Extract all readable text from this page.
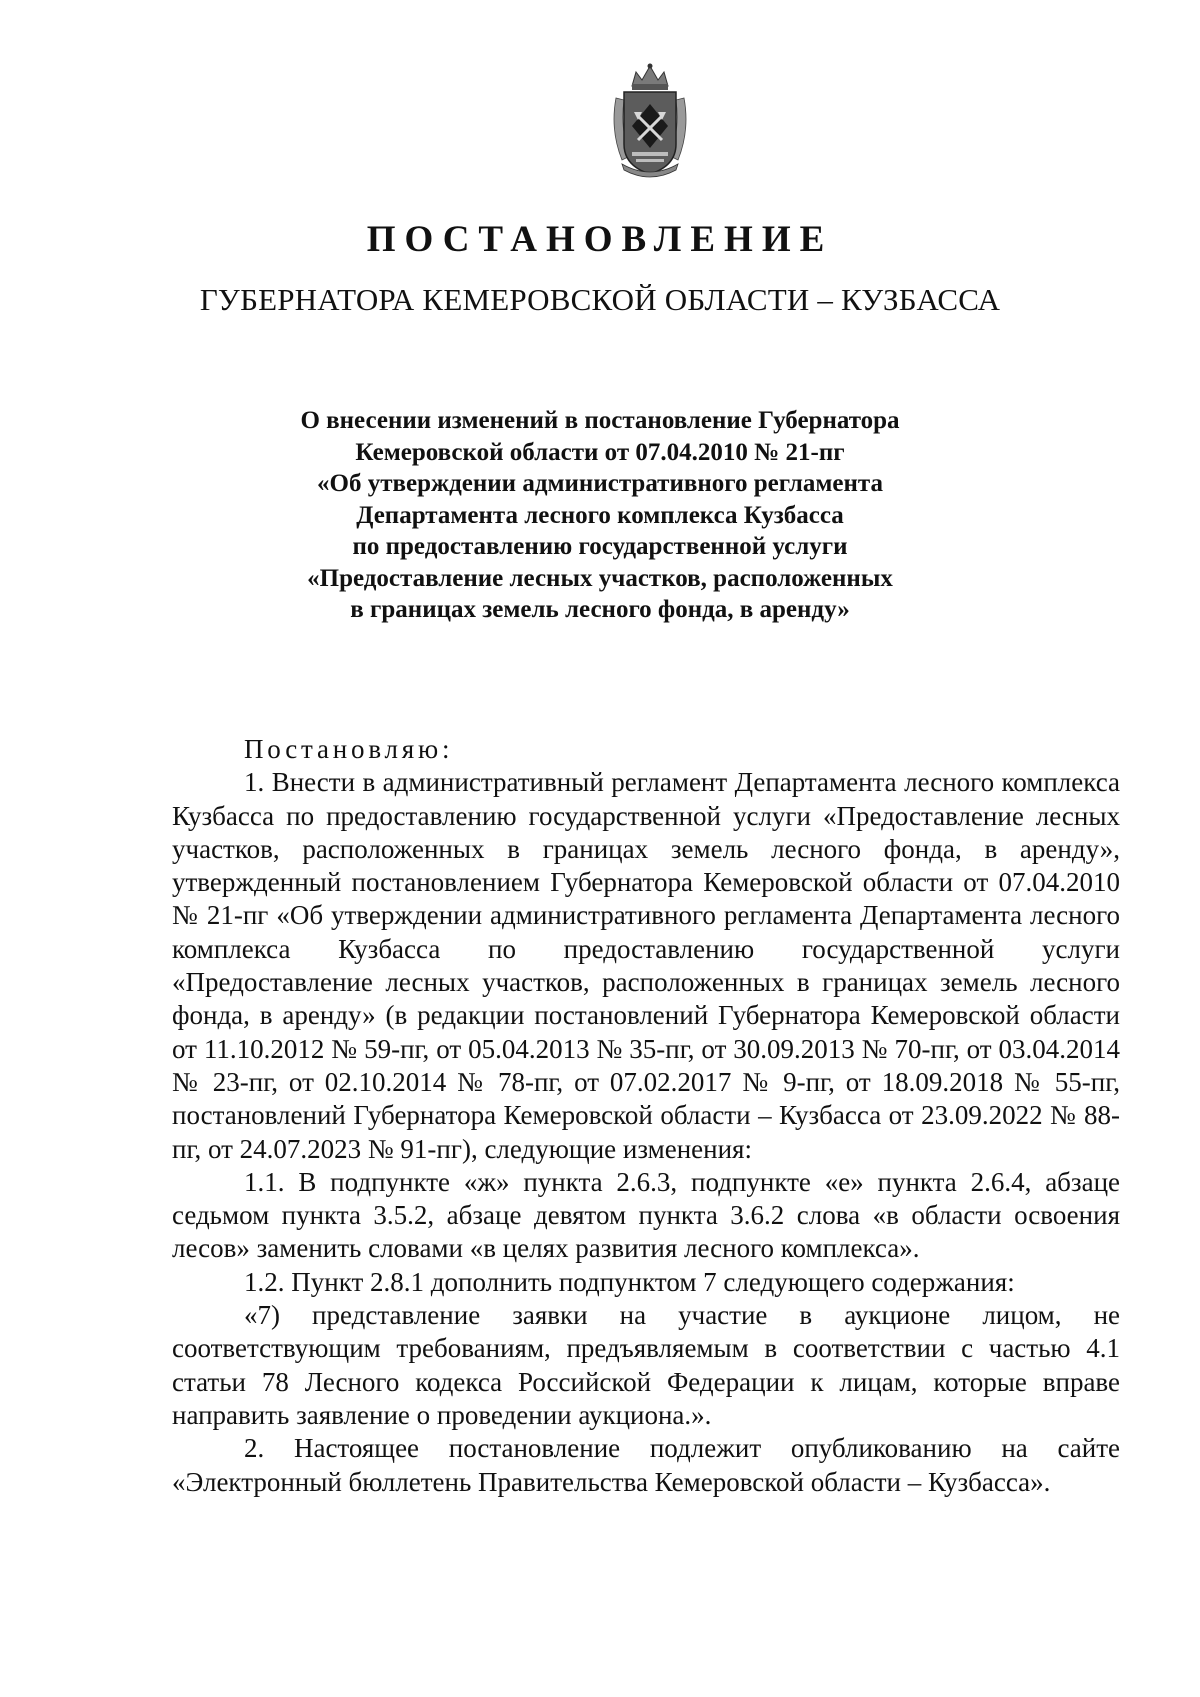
ПОСТАНОВЛЕНИЕ
ГУБЕРНАТОРА КЕМЕРОВСКОЙ ОБЛАСТИ – КУЗБАССА
О внесении изменений в постановление Губернатора
Кемеровской области от 07.04.2010 № 21-пг
«Об утверждении административного регламента
Департамента лесного комплекса Кузбасса
по предоставлению государственной услуги
«Предоставление лесных участков, расположенных
в границах земель лесного фонда, в аренду»

Постановляю:

1. Внести в административный регламент Департамента лесного комплекса Кузбасса по предоставлению государственной услуги «Предоставление лесных участков, расположенных в границах земель лесного фонда, в аренду», утвержденный постановлением Губернатора Кемеровской области от 07.04.2010 № 21-пг «Об утверждении административного регламента Департамента лесного комплекса Кузбасса по предоставлению государственной услуги «Предоставление лесных участков, расположенных в границах земель лесного фонда, в аренду» (в редакции постановлений Губернатора Кемеровской области от 11.10.2012 № 59-пг, от 05.04.2013 № 35-пг, от 30.09.2013 № 70-пг, от 03.04.2014 № 23-пг, от 02.10.2014 № 78-пг, от 07.02.2017 № 9-пг, от 18.09.2018 № 55-пг, постановлений Губернатора Кемеровской области – Кузбасса от 23.09.2022 № 88-пг, от 24.07.2023 № 91-пг), следующие изменения:

1.1. В подпункте «ж» пункта 2.6.3, подпункте «е» пункта 2.6.4, абзаце седьмом пункта 3.5.2, абзаце девятом пункта 3.6.2 слова «в области освоения лесов» заменить словами «в целях развития лесного комплекса».

1.2. Пункт 2.8.1 дополнить подпунктом 7 следующего содержания:

«7) представление заявки на участие в аукционе лицом, не соответствующим требованиям, предъявляемым в соответствии с частью 4.1 статьи 78 Лесного кодекса Российской Федерации к лицам, которые вправе направить заявление о проведении аукциона.».

2. Настоящее постановление подлежит опубликованию на сайте «Электронный бюллетень Правительства Кемеровской области – Кузбасса».
